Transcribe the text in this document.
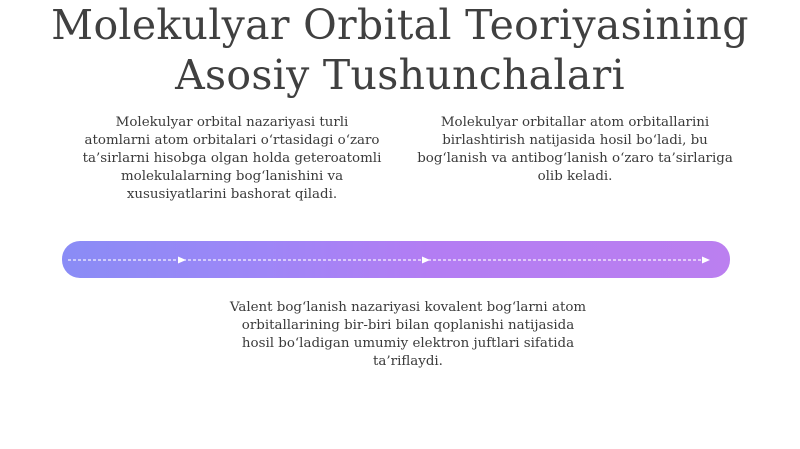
Molekulyar Orbital Teoriyasining
Asosiy Tushunchalari
Molekulyar orbital nazariyasi turli atomlarni atom orbitalari o‘rtasidagi o‘zaro ta’sirlarni hisobga olgan holda geteroatomli molekulalarning bog‘lanishini va xususiyatlarini bashorat qiladi.
Molekulyar orbitallar atom orbitallarini birlashtirish natijasida hosil bo‘ladi, bu bog‘lanish va antibog‘lanish o‘zaro ta’sirlariga olib keladi.
Valent bog‘lanish nazariyasi kovalent bog‘larni atom orbitallarining bir-biri bilan qoplanishi natijasida hosil bo‘ladigan umumiy elektron juftlari sifatida ta’riflaydi.
